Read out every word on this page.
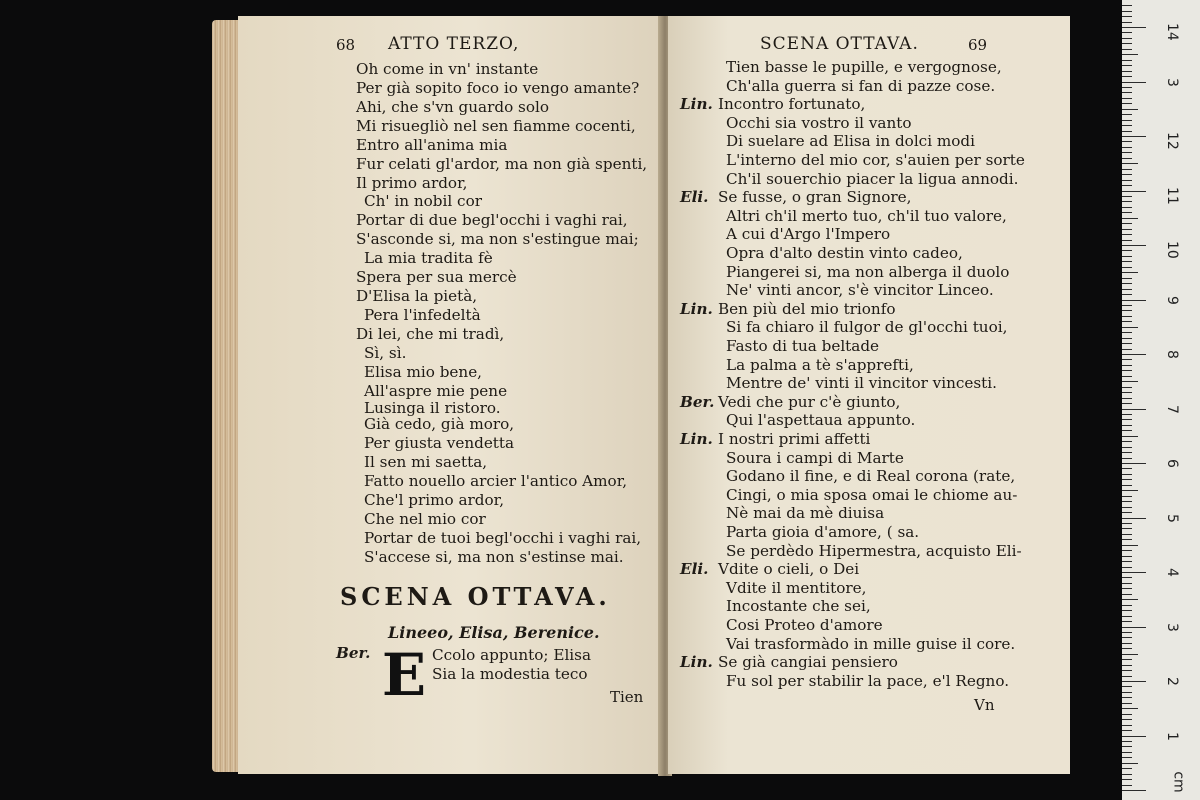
68 ATTO TERZO,
Oh come in vn' instante
Per già sopito foco io vengo amante?
Ahi, che s'vn guardo solo
Mi risuegliò nel sen fiamme cocenti,
Entro all'anima mia
Fur celati gl'ardor, ma non già spenti,
Il primo ardor,
Ch' in nobil cor
Portar di due begl'occhi i vaghi rai,
S'asconde si, ma non s'estingue mai;
La mia tradita fè
Spera per sua mercè
D'Elisa la pietà,
Pera l'infedeltà
Di lei, che mi tradì,
Sì, sì.
Elisa mio bene,
All'aspre mie pene
Lusinga il ristoro.
Già cedo, già moro,
Per giusta vendetta
Il sen mi saetta,
Fatto nouello arcier l'antico Amor,
Che'l primo ardor,
Che nel mio cor
Portar de tuoi begl'occhi i vaghi rai,
S'accese si, ma non s'estinse mai.
SCENA OTTAVA.
Lineeo, Elisa, Berenice.
Ber. E Ccolo appunto; Elisa
Sia la modestia teco
Tien
SCENA OTTAVA.	69
Tien basse le pupille, e vergognose,
Ch'alla guerra si fan di pazze cose.
Lin. Incontro fortunato,
Occhi sia vostro il vanto
Di suelare ad Elisa in dolci modi
L'interno del mio cor, s'auien per sorte
Ch'il souerchio piacer la ligua annodi.
Eli. Se fusse, o gran Signore,
Altri ch'il merto tuo, ch'il tuo valore,
A cui d'Argo l'Impero
Opra d'alto destin vinto cadeo,
Piangerei si, ma non alberga il duolo
Ne' vinti ancor, s'è vincitor Linceo.
Lin. Ben più del mio trionfo
Si fa chiaro il fulgor de gl'occhi tuoi,
Fasto di tua beltade
La palma a tè s'apprefti,
Mentre de' vinti il vincitor vincesti.
Ber. Vedi che pur c'è giunto,
Qui l'aspettaua appunto.
Lin. I nostri primi affetti
Soura i campi di Marte
Godano il fine, e di Real corona (rate,
Cingi, o mia sposa omai le chiome au-
Nè mai da mè diuisa
Parta gioia d'amore, ( sa.
Se perdèdo Hipermestra, acquisto Eli-
Eli. Vdite o cieli, o Dei
Vdite il mentitore,
Incostante che sei,
Cosi Proteo d'amore
Vai trasformàdo in mille guise il core.
Lin. Se già cangiai pensiero
Fu sol per stabilir la pace, e'l Regno.
Vn
14
3
12
11
10
9
8
7
6
5
4
3
2
1
cm
